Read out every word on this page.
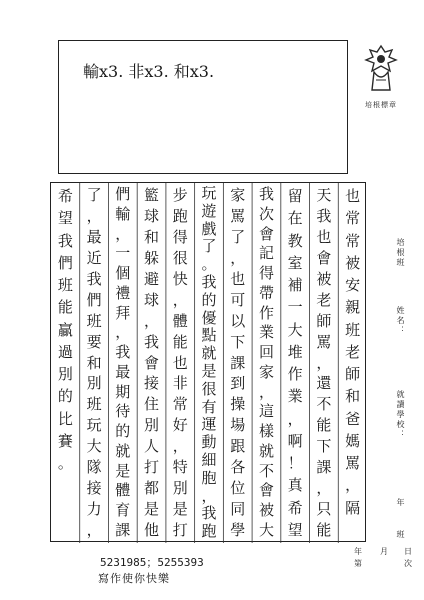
輸x3. 非x3. 和x3.
培根標章
也
常
常
被
安
親
班
老
師
和
爸
媽
罵
，
隔
天
我
也
會
被
老
師
罵
，
還
不
能
下
課
，
只
能
留
在
教
室
補
一
大
堆
作
業
，
啊
！
真
希
望
我
次
會
記
得
帶
作
業
回
家
，
這
樣
就
不
會
被
大
家
罵
了
，
也
可
以
下
課
到
操
場
跟
各
位
同
學
玩
遊
戲
了
。
我
的
優
點
就
是
很
有
運
動
細
胞
，
我
跑
步
跑
得
很
快
，
體
能
也
非
常
好
，
特
別
是
打
籃
球
和
躲
避
球
，
我
會
接
住
別
人
打
都
是
他
們
輸
，
一
個
禮
拜
，
我
最
期
待
的
就
是
體
育
課
了
，
最
近
我
們
班
要
和
別
班
玩
大
隊
接
力
，
希
望
我
們
班
能
贏
過
別
的
比
賽
。
培根班
姓名：
就讀學校：
年
班
年 月 日
第	次
5231985；5255393
寫作使你快樂
